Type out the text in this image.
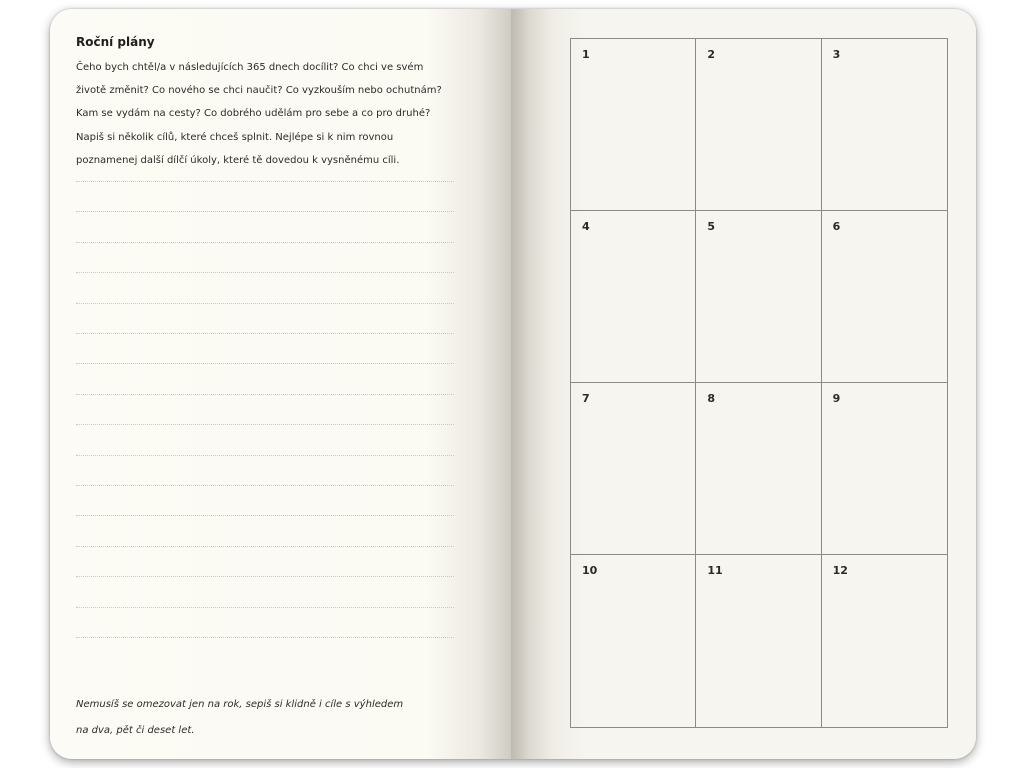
Roční plány

Čeho bych chtěl/a v následujících 365 dnech docílit? Co chci ve svém
životě změnit? Co nového se chci naučit? Co vyzkouším nebo ochutnám?
Kam se vydám na cesty? Co dobrého udělám pro sebe a co pro druhé?
Napiš si několik cílů, které chceš splnit. Nejlépe si k nim rovnou
poznamenej další dílčí úkoly, které tě dovedou k vysněnému cíli.

Nemusíš se omezovat jen na rok, sepiš si klidně i cíle s výhledem
na dva, pět či deset let.

1	2	3
4	5	6
7	8	9
10	11	12
